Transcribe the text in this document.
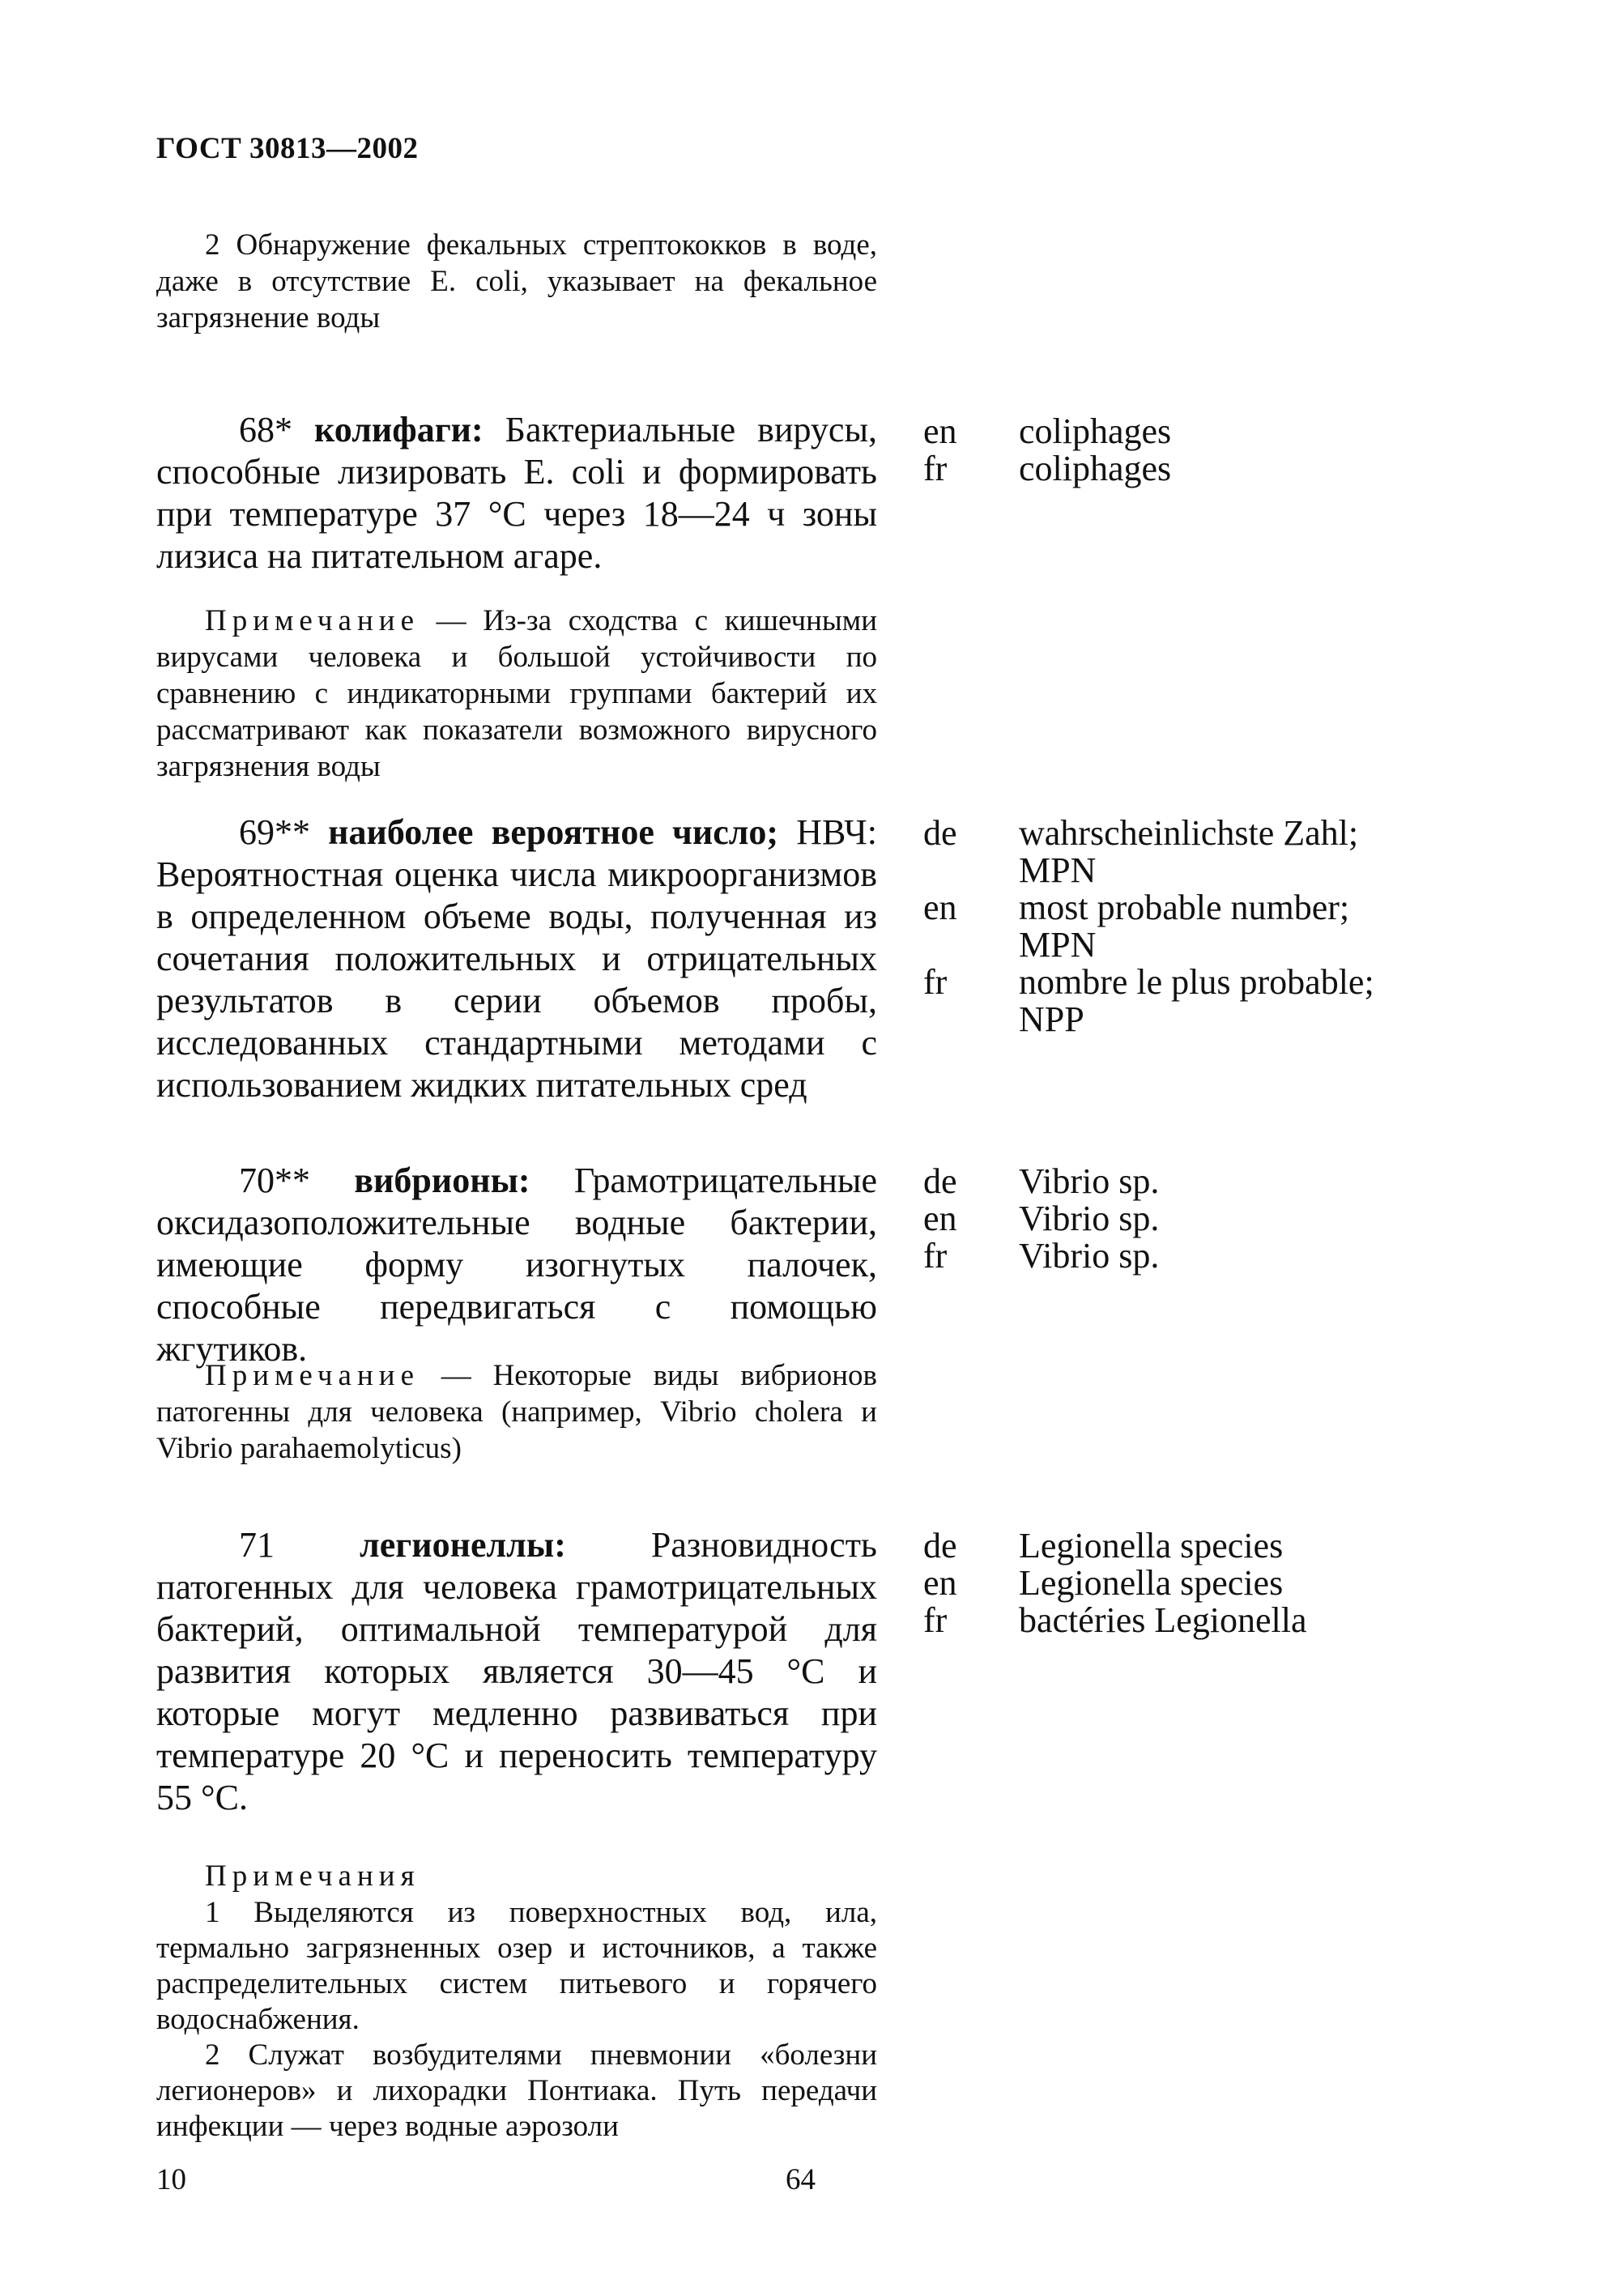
ГОСТ 30813—2002
2 Обнаружение фекальных стрептококков в воде, даже в отсутствие E. coli, указывает на фекальное загрязнение воды
68* колифаги: Бактериальные вирусы, способные лизировать E. coli и формировать при температуре 37 °С через 18—24 ч зоны лизиса на питательном агаре.
en
fr
coliphages
coliphages
Примечание — Из-за сходства с кишечными вирусами человека и большой устойчивости по сравнению с индикаторными группами бактерий их рассматривают как показатели возможного вирусного загрязнения воды
69** наиболее вероятное число; НВЧ: Вероятностная оценка числа микроорганизмов в определенном объеме воды, полученная из сочетания положительных и отрицательных результатов в серии объемов пробы, исследованных стандартными методами с использованием жидких питательных сред
de
en
fr
wahrscheinlichste Zahl;
MPN
most probable number;
MPN
nombre le plus probable;
NPP
70** вибрионы: Грамотрицательные оксидазоположительные водные бактерии, имеющие форму изогнутых палочек, способные передвигаться с помощью жгутиков.
de
en
fr
Vibrio sp.
Vibrio sp.
Vibrio sp.
Примечание — Некоторые виды вибрионов патогенны для человека (например, Vibrio cholera и Vibrio parahaemolyticus)
71 легионеллы: Разновидность патогенных для человека грамотрицательных бактерий, оптимальной температурой для развития которых является 30—45 °С и которые могут медленно развиваться при температуре 20 °С и переносить температуру 55 °С.
de
en
fr
Legionella species
Legionella species
bactéries Legionella
Примечания

1 Выделяются из поверхностных вод, ила, термально загрязненных озер и источников, а также распределительных систем питьевого и горячего водоснабжения.

2 Служат возбудителями пневмонии «болезни легионеров» и лихорадки Понтиака. Путь передачи инфекции — через водные аэрозоли

10	64
